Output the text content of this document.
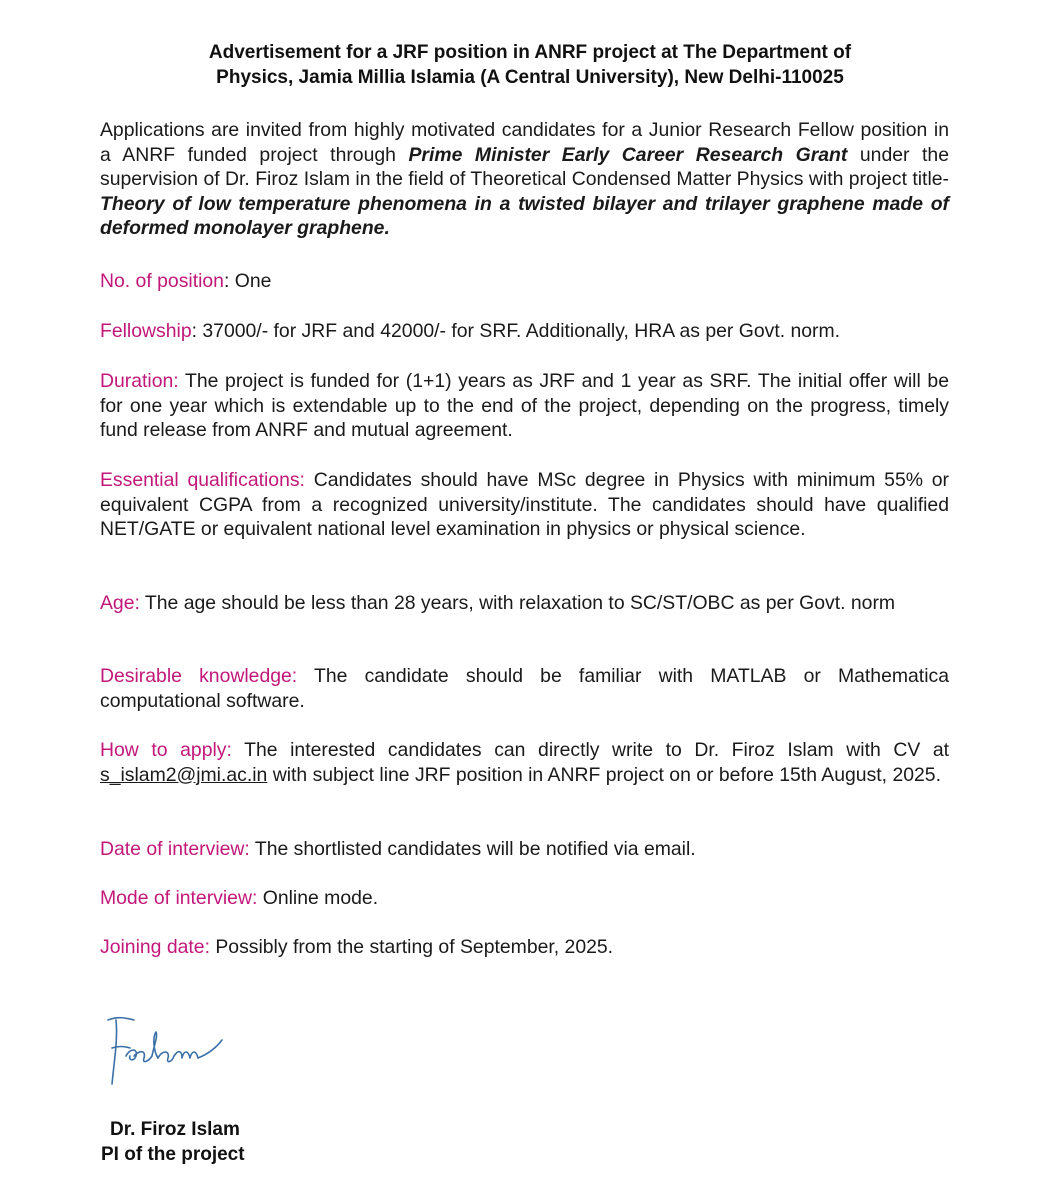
Advertisement for a JRF position in ANRF project at The Department of
Physics, Jamia Millia Islamia (A Central University), New Delhi-110025

Applications are invited from highly motivated candidates for a Junior Research Fellow position in a ANRF funded project through Prime Minister Early Career Research Grant under the supervision of Dr. Firoz Islam in the field of Theoretical Condensed Matter Physics with project title-Theory of low temperature phenomena in a twisted bilayer and trilayer graphene made of deformed monolayer graphene.

No. of position: One
Fellowship: 37000/- for JRF and 42000/- for SRF. Additionally, HRA as per Govt. norm.
Duration: The project is funded for (1+1) years as JRF and 1 year as SRF. The initial offer will be for one year which is extendable up to the end of the project, depending on the progress, timely fund release from ANRF and mutual agreement.
Essential qualifications: Candidates should have MSc degree in Physics with minimum 55% or equivalent CGPA from a recognized university/institute. The candidates should have qualified NET/GATE or equivalent national level examination in physics or physical science.
Age: The age should be less than 28 years, with relaxation to SC/ST/OBC as per Govt. norm
Desirable knowledge: The candidate should be familiar with MATLAB or Mathematica computational software.
How to apply: The interested candidates can directly write to Dr. Firoz Islam with CV at s_islam2@jmi.ac.in with subject line JRF position in ANRF project on or before 15th August, 2025.
Date of interview: The shortlisted candidates will be notified via email.
Mode of interview: Online mode.
Joining date: Possibly from the starting of September, 2025.
Dr. Firoz Islam
PI of the project
